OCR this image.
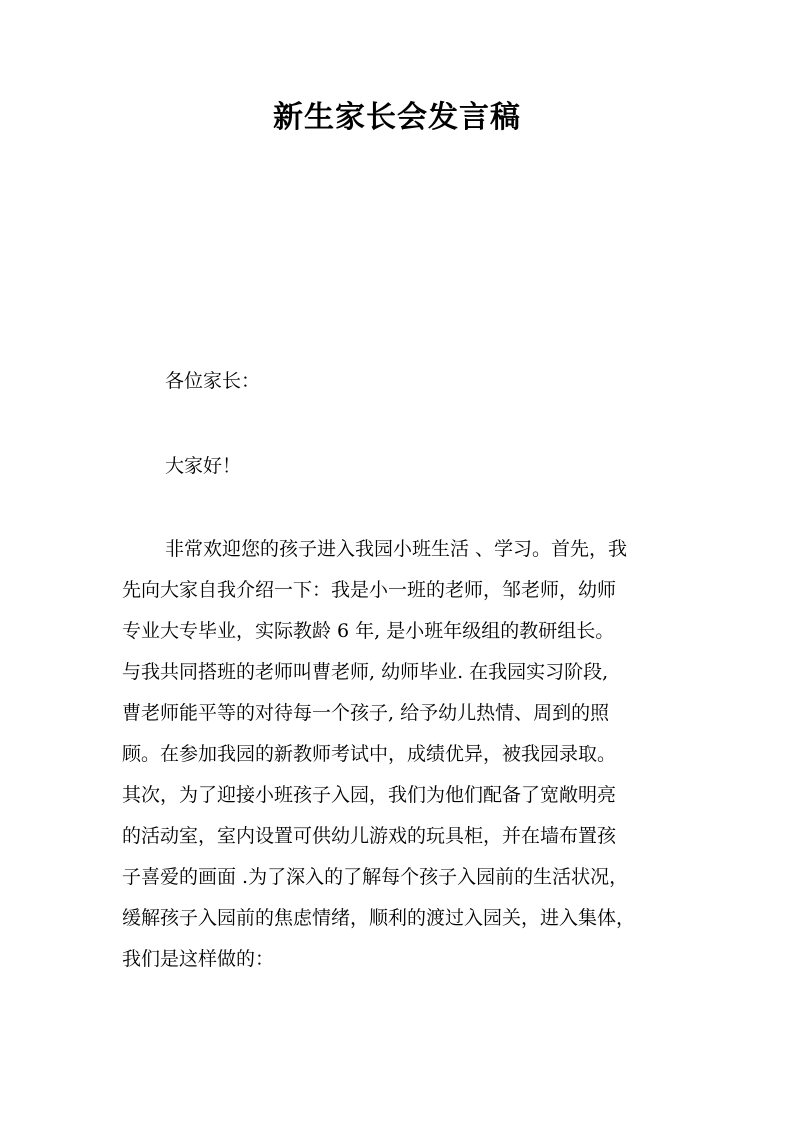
新生家长会发言稿

各位家长：

大家好！

非常欢迎您的孩子进入我园小班生活 、学习。首先，我

先向大家自我介绍一下：我是小一班的老师，邹老师，幼师

专业大专毕业，实际教龄 6 年, 是小班年级组的教研组长。

与我共同搭班的老师叫曹老师, 幼师毕业. 在我园实习阶段,

曹老师能平等的对待每一个孩子, 给予幼儿热情、周到的照

顾。在参加我园的新教师考试中，成绩优异，被我园录取。

其次，为了迎接小班孩子入园，我们为他们配备了宽敞明亮

的活动室，室内设置可供幼儿游戏的玩具柜，并在墙布置孩

子喜爱的画面 .为了深入的了解每个孩子入园前的生活状况，

缓解孩子入园前的焦虑情绪，顺利的渡过入园关，进入集体，

我们是这样做的：
